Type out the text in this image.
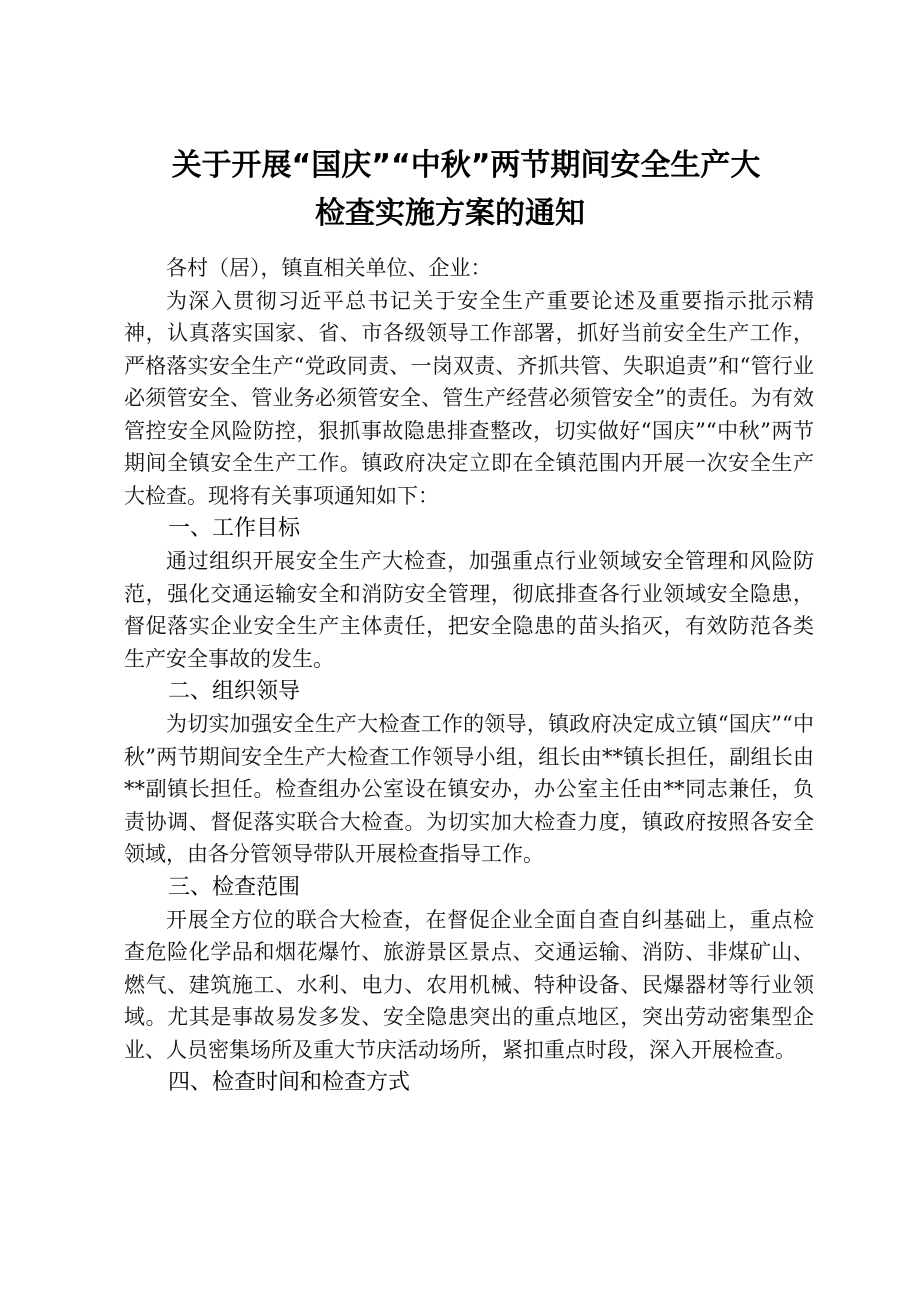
关于开展“国庆”“中秋”两节期间安全生产大
检查实施方案的通知

各村（居），镇直相关单位、企业：

为深入贯彻习近平总书记关于安全生产重要论述及重要指示批示精神，认真落实国家、省、市各级领导工作部署，抓好当前安全生产工作，严格落实安全生产“党政同责、一岗双责、齐抓共管、失职追责”和“管行业必须管安全、管业务必须管安全、管生产经营必须管安全”的责任。为有效管控安全风险防控，狠抓事故隐患排查整改，切实做好“国庆”“中秋”两节期间全镇安全生产工作。镇政府决定立即在全镇范围内开展一次安全生产大检查。现将有关事项通知如下：

一、工作目标

通过组织开展安全生产大检查，加强重点行业领域安全管理和风险防范，强化交通运输安全和消防安全管理，彻底排查各行业领域安全隐患，督促落实企业安全生产主体责任，把安全隐患的苗头掐灭，有效防范各类生产安全事故的发生。

二、组织领导

为切实加强安全生产大检查工作的领导，镇政府决定成立镇“国庆”“中秋”两节期间安全生产大检查工作领导小组，组长由**镇长担任，副组长由**副镇长担任。检查组办公室设在镇安办，办公室主任由**同志兼任，负责协调、督促落实联合大检查。为切实加大检查力度，镇政府按照各安全领域，由各分管领导带队开展检查指导工作。

三、检查范围

开展全方位的联合大检查，在督促企业全面自查自纠基础上，重点检查危险化学品和烟花爆竹、旅游景区景点、交通运输、消防、非煤矿山、燃气、建筑施工、水利、电力、农用机械、特种设备、民爆器材等行业领域。尤其是事故易发多发、安全隐患突出的重点地区，突出劳动密集型企业、人员密集场所及重大节庆活动场所，紧扣重点时段，深入开展检查。

四、检查时间和检查方式
